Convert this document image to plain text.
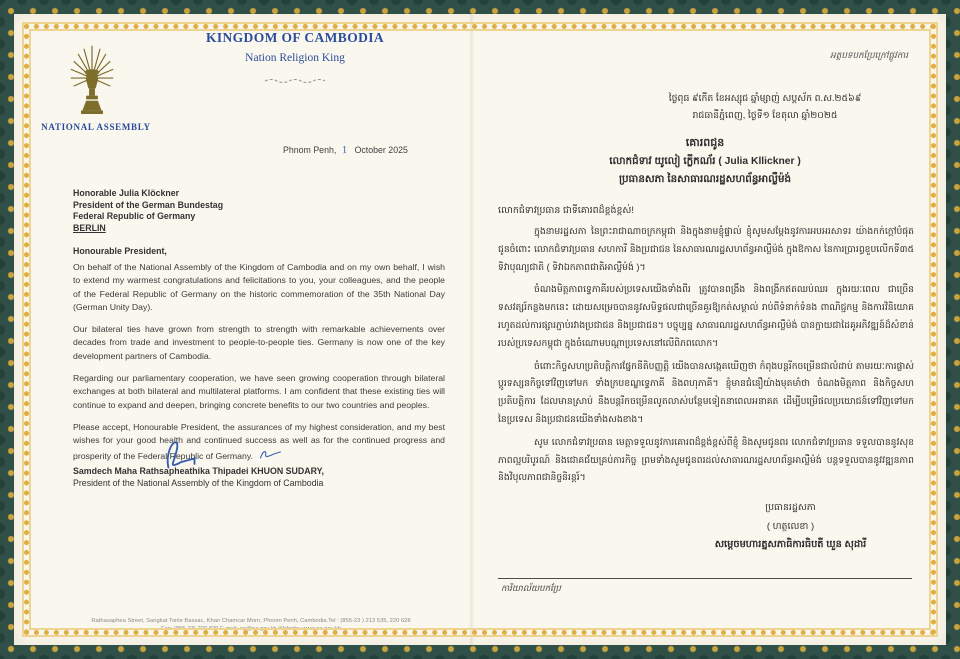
NATIONAL ASSEMBLY
KINGDOM OF CAMBODIA
Nation Religion King
Phnom Penh, 1 October 2025
Honorable Julia Klöckner
President of the German Bundestag
Federal Republic of Germany
BERLIN
Honourable President,

On behalf of the National Assembly of the Kingdom of Cambodia and on my own behalf, I wish to extend my warmest congratulations and felicitations to you, your colleagues, and the people of the Federal Republic of Germany on the historic commemoration of the 35th National Day (German Unity Day).

Our bilateral ties have grown from strength to strength with remarkable achievements over decades from trade and investment to people-to-people ties. Germany is now one of the key development partners of Cambodia.

Regarding our parliamentary cooperation, we have seen growing cooperation through bilateral exchanges at both bilateral and multilateral platforms. I am confident that these existing ties will continue to expand and deepen, bringing concrete benefits to our two countries and peoples.

Please accept, Honourable President, the assurances of my highest consideration, and my best wishes for your good health and continued success as well as for the continued progress and prosperity of the Federal Republic of Germany.

Samdech Maha Rathsapheathika Thipadei KHUON SUDARY,
President of the National Assembly of the Kingdom of Cambodia
Rathasaphea Street, Sangkat Tonle Bassac, Khan Chamcar Morn, Phnom Penh, Cambodia.Tel : (855-23 ) 213 535, 220 628
Fax: (855-23) 220 829 E-mail: ag@na.gov.kh Website: www.na.gov.kh
អត្ថបទបកប្រែក្រៅផ្លូវការ
ថ្ងៃពុធ ៩កើត ខែអស្សុជ ឆ្នាំម្សាញ់ សប្តស័ក ព.ស.២៥៦៩
រាជធានីភ្នំពេញ, ថ្ងៃទី១ ខែតុលា ឆ្នាំ២០២៥
គោរពជូន
លោកជំទាវ យូលៀ ក្លើកណ័រ ( Julia Kllickner )
ប្រធានសភា នៃសាធារណរដ្ឋសហព័ន្ធអាល្លឺម៉ង់
លោកជំទាវប្រធាន ជាទីគោរពដ៏ខ្ពង់ខ្ពស់!

ក្នុងនាមរដ្ឋសភា នៃព្រះរាជាណាចក្រកម្ពុជា និងក្នុងនាមខ្ញុំផ្ទាល់ ខ្ញុំសូមសម្ដែងនូវការអបអរសាទរ យ៉ាងកក់ក្ដៅបំផុត ជូនចំពោះ លោកជំទាវប្រធាន សហការី និងប្រជាជន នៃសាធារណរដ្ឋសហព័ន្ធអាល្លឺម៉ង់ ក្នុងឱកាស នៃការប្រារព្ធខួបលើកទី៣៥ ទិវាបុណ្យជាតិ ( ទិវាឯកភាពជាតិអាល្លឺម៉ង់ )។

ចំណងមិត្តភាពទ្វេភាគីរបស់ប្រទេសយើងទាំងពីរ ត្រូវបានពង្រឹង និងពង្រីកឥតឈប់ឈរ ក្នុងរយៈពេល ជាច្រើនទសវត្សរ៍កន្លងមកនេះ ដោយសម្រេចបាននូវសមិទ្ធផលជាច្រើនគួរឱ្យកត់សម្គាល់ រាប់ពីទំនាក់ទំនង ពាណិជ្ជកម្ម និងការវិនិយោគ រហូតដល់ការផ្សារភ្ជាប់រវាងប្រជាជន និងប្រជាជន។ បច្ចុប្បន្ន សាធារណរដ្ឋសហព័ន្ធអាល្លឺម៉ង់ បានក្លាយជាដៃគូអភិវឌ្ឍន៍ដ៏សំខាន់របស់ប្រទេសកម្ពុជា ក្នុងចំណោមបណ្ដាប្រទេសនៅលើពិភពលោក។

ចំពោះកិច្ចសហប្រតិបត្តិការផ្នែកនីតិបញ្ញត្តិ យើងបានសង្កេតឃើញថា កំពុងបន្តរីកចម្រើនជាលំដាប់ តាមរយៈការផ្លាស់ប្ដូរទស្សនកិច្ចទៅវិញទៅមក ទាំងក្របខណ្ឌទ្វេភាគី និងពហុភាគី។ ខ្ញុំមានជំនឿយ៉ាងមុតមាំថា ចំណងមិត្តភាព និងកិច្ចសហប្រតិបត្តិការ ដែលមានស្រាប់ នឹងបន្តរីកចម្រើនលូតលាស់បន្ថែមទៀតនាពេលអនាគត ដើម្បីបម្រើផលប្រយោជន៍ទៅវិញទៅមក នៃប្រទេស និងប្រជាជនយើងទាំងសងខាង។

សូម លោកជំទាវប្រធាន មេត្តាទទួលនូវការគោរពដ៏ខ្ពង់ខ្ពស់ពីខ្ញុំ និងសូមជូនពរ លោកជំទាវប្រធាន ទទួលបាននូវសុខភាពល្អបរិបូរណ៍ និងជោគជ័យគ្រប់ភារកិច្ច ព្រមទាំងសូមជូនពរដល់សាធារណរដ្ឋសហព័ន្ធអាល្លឺម៉ង់ បន្តទទួលបាននូវវឌ្ឍនភាព និងវិបុលភាពជានិច្ចនិរន្តរ៍។

ប្រធានរដ្ឋសភា
( ហត្ថលេខា )
សម្ដេចមហារត្នសភាធិការធិបតី ឃួន សុដារី
ការិយាល័យបកប្រែ
